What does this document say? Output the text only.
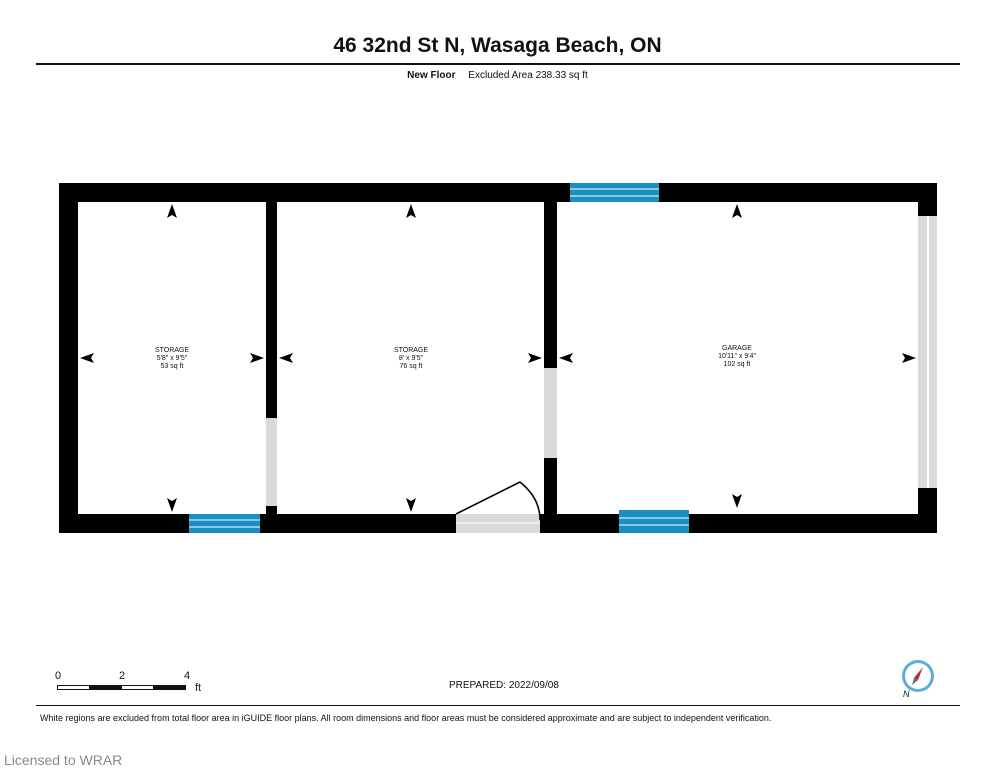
46 32nd St N, Wasaga Beach, ON
New Floor Excluded Area 238.33 sq ft
STORAGE
5'8" x 9'5"
53 sq ft
STORAGE
8' x 9'5"
76 sq ft
GARAGE
10'11" x 9'4"
102 sq ft
0	2	4
ft	PREPARED: 2022/09/08
N
White regions are excluded from total floor area in iGUIDE floor plans. All room dimensions and floor areas must be considered approximate and are subject to independent verification.
Licensed to WRAR
